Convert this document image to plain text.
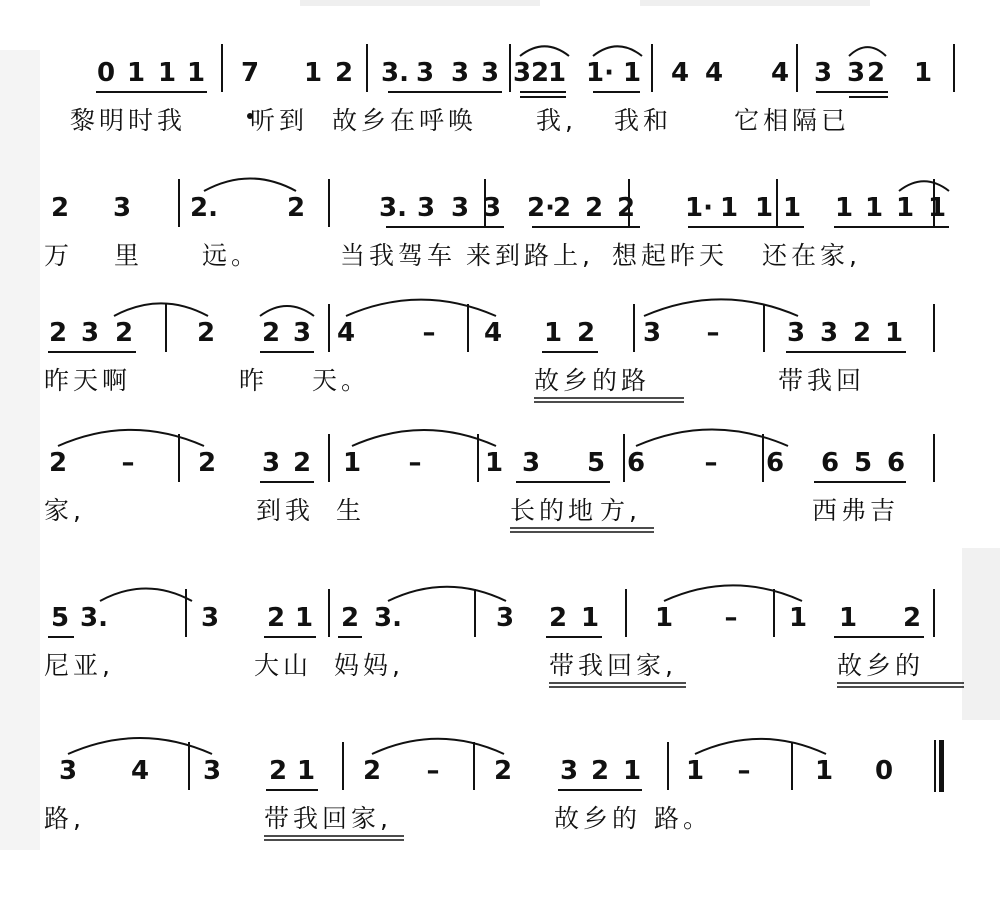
0 1 1 1 7 1 2 3. 3 3 3 3 2
1 1· 1 4 4 4 3 3 2 1
黎明时我	听到 故乡在呼唤 我, 我和 它相隔已
2 3 2.	2	3. 3 3 3 2·
2 2 2 1· 1 1 1 1 1 1 1
万 里 远。	当我驾车 来到路上, 想起昨天 还在家,
2 3 2 2 2 3 4	– 4 1 2 3 –	3 3 2 1
昨天啊	昨 天。	故乡的路	带我回
2 – 2 3 2 1 – 1 3 5 6 – 6 6 5 6
家,	到我 生	长的地 方,	西弗吉
5 3.	3 2 1 2 3.	3 2 1 1 – 1 1 2
尼亚,	大山 妈妈,	带我回家,	故乡的
3 4 3 2 1 2 – 2 3 2 1 1 – 1 0
路,	带我回家,	故乡的 路。
